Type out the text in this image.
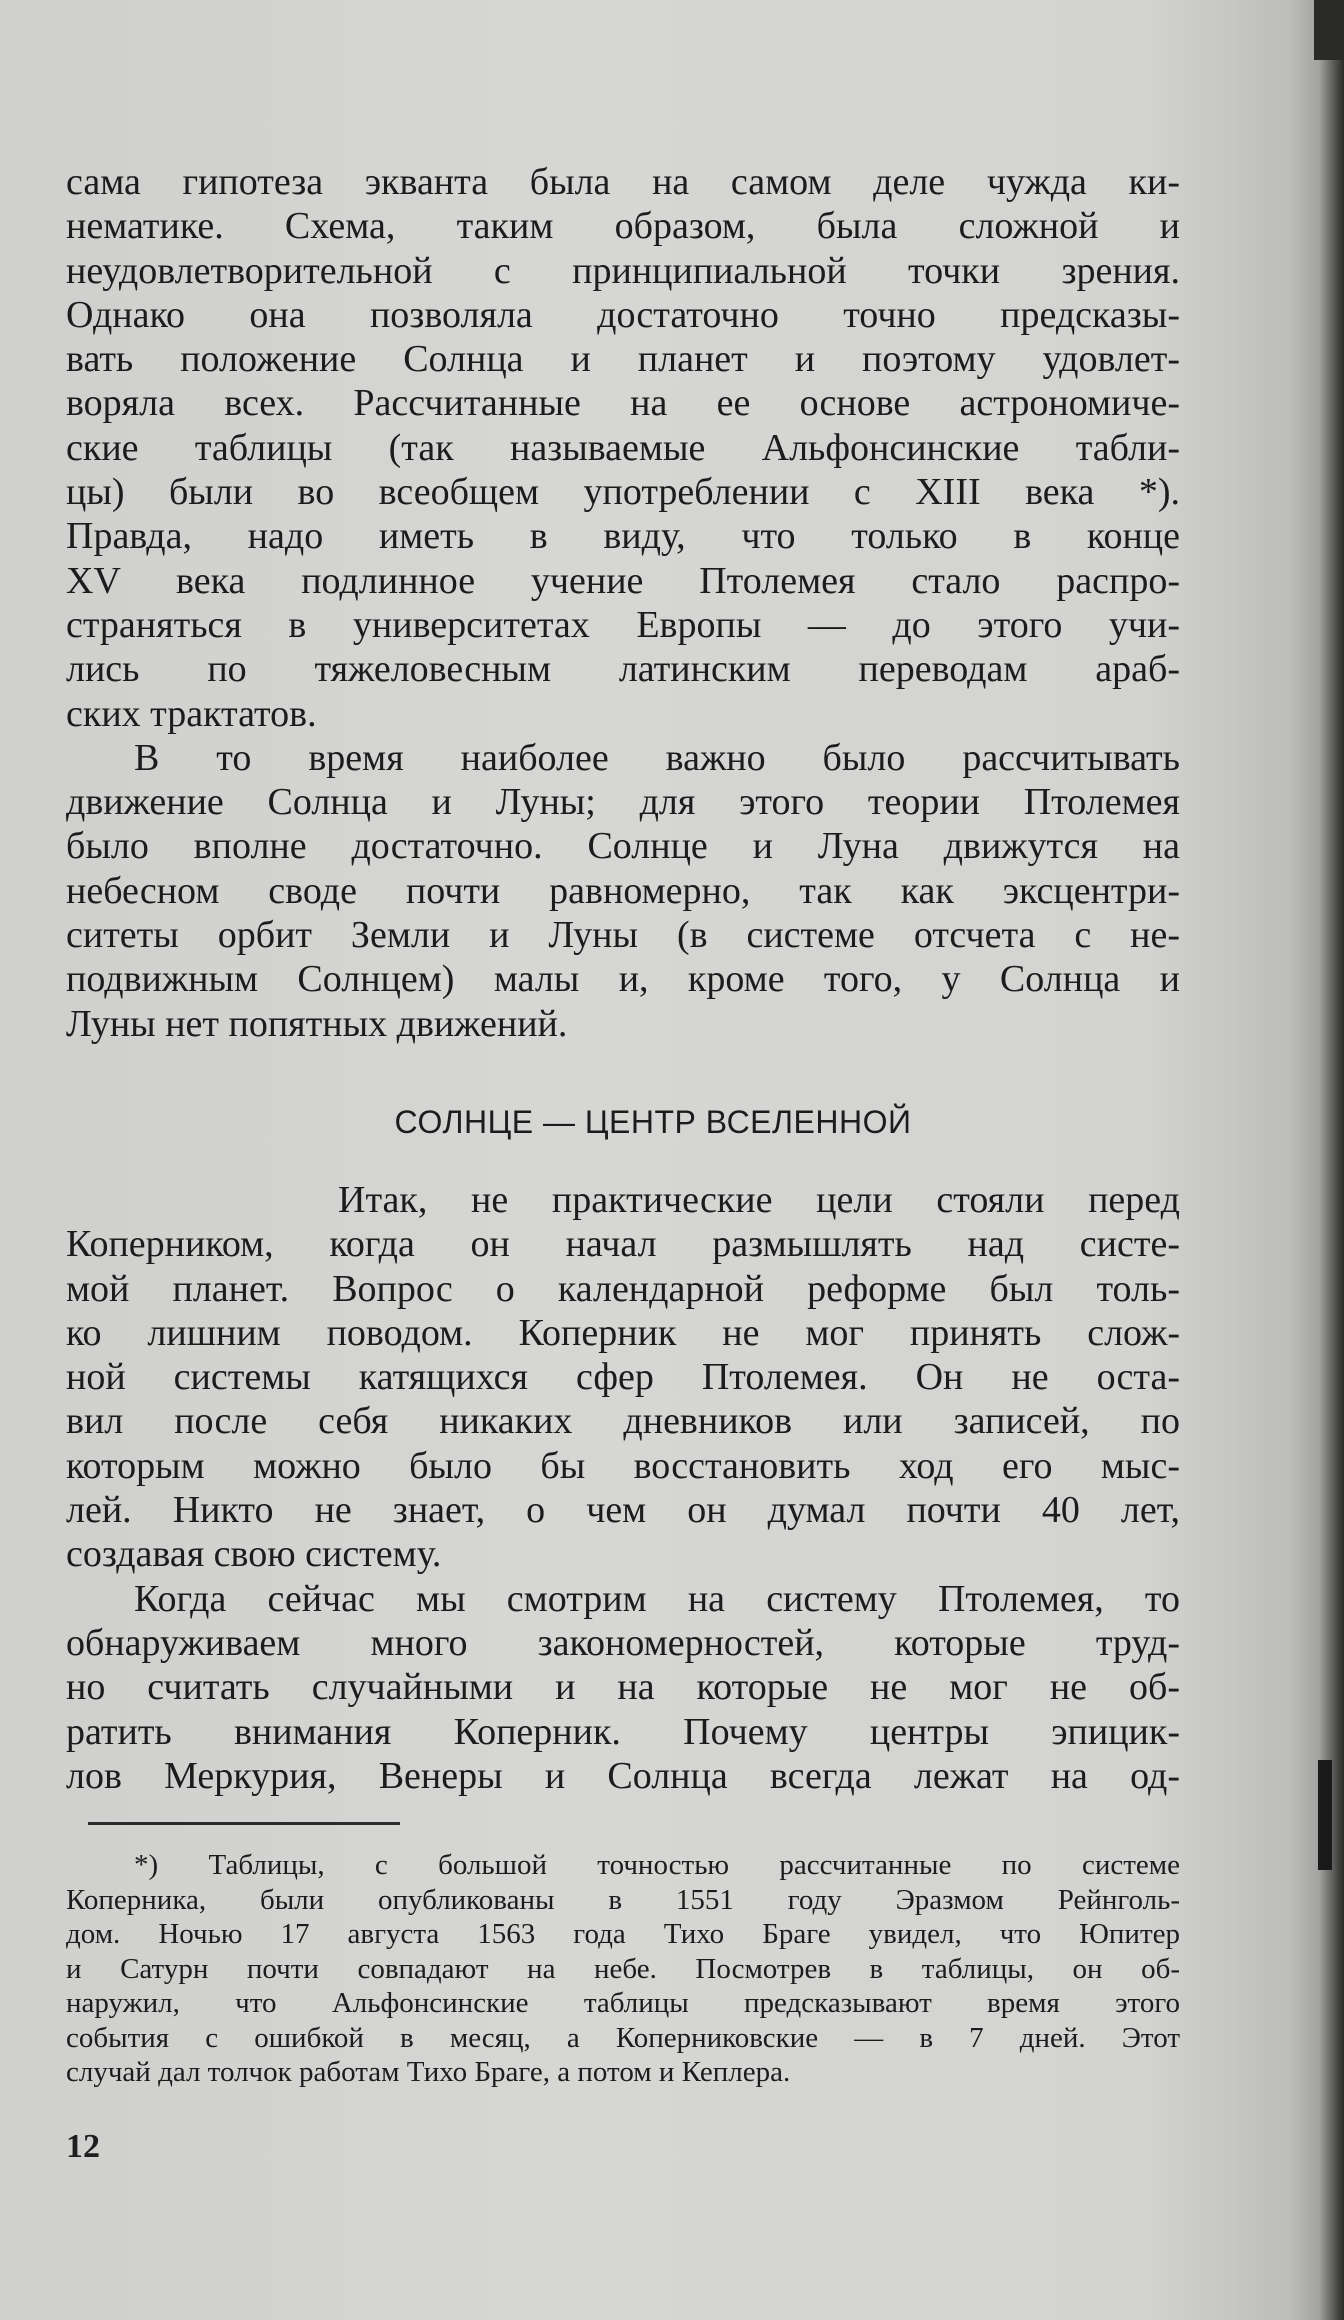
сама гипотеза экванта была на самом деле чужда ки-
нематике. Схема, таким образом, была сложной и
неудовлетворительной с принципиальной точки зрения.
Однако она позволяла достаточно точно предсказы-
вать положение Солнца и планет и поэтому удовлет-
воряла всех. Рассчитанные на ее основе астрономиче-
ские таблицы (так называемые Альфонсинские табли-
цы) были во всеобщем употреблении с XIII века *).
Правда, надо иметь в виду, что только в конце
XV века подлинное учение Птолемея стало распро-
страняться в университетах Европы — до этого учи-
лись по тяжеловесным латинским переводам араб-
ских трактатов.
В то время наиболее важно было рассчитывать
движение Солнца и Луны; для этого теории Птолемея
было вполне достаточно. Солнце и Луна движутся на
небесном своде почти равномерно, так как эксцентри-
ситеты орбит Земли и Луны (в системе отсчета с не-
подвижным Солнцем) малы и, кроме того, у Солнца и
Луны нет попятных движений.
СОЛНЦЕ — ЦЕНТР ВСЕЛЕННОЙ
Итак, не практические цели стояли перед
Коперником, когда он начал размышлять над систе-
мой планет. Вопрос о календарной реформе был толь-
ко лишним поводом. Коперник не мог принять слож-
ной системы катящихся сфер Птолемея. Он не оста-
вил после себя никаких дневников или записей, по
которым можно было бы восстановить ход его мыс-
лей. Никто не знает, о чем он думал почти 40 лет,
создавая свою систему.
Когда сейчас мы смотрим на систему Птолемея, то
обнаруживаем много закономерностей, которые труд-
но считать случайными и на которые не мог не об-
ратить внимания Коперник. Почему центры эпицик-
лов Меркурия, Венеры и Солнца всегда лежат на од-
*) Таблицы, с большой точностью рассчитанные по системе
Коперника, были опубликованы в 1551 году Эразмом Рейнголь-
дом. Ночью 17 августа 1563 года Тихо Браге увидел, что Юпитер
и Сатурн почти совпадают на небе. Посмотрев в таблицы, он об-
наружил, что Альфонсинские таблицы предсказывают время этого
события с ошибкой в месяц, а Коперниковские — в 7 дней. Этот
случай дал толчок работам Тихо Браге, а потом и Кеплера.
12
